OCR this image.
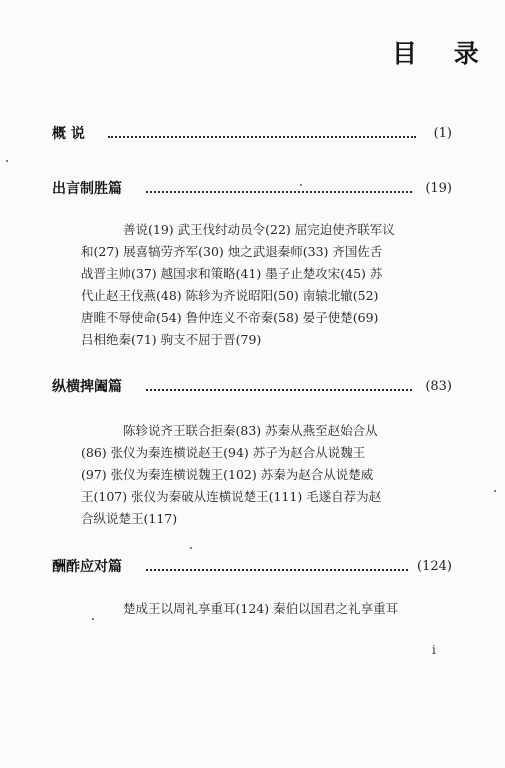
目 录
概 说	(1)
出言制胜篇	(19)
善说(19) 武王伐纣动员令(22) 屈完迫使齐联军议
和(27) 展喜犒劳齐军(30) 烛之武退秦师(33) 齐国佐舌
战晋主帅(37) 越国求和策略(41) 墨子止楚攻宋(45) 苏
代止赵王伐燕(48) 陈轸为齐说昭阳(50) 南辕北辙(52)
唐睢不辱使命(54) 鲁仲连义不帝秦(58) 晏子使楚(69)
吕相绝秦(71) 驹支不屈于晋(79)
纵横捭阖篇	(83)
陈轸说齐王联合拒秦(83) 苏秦从燕至赵始合从
(86) 张仪为秦连横说赵王(94) 苏子为赵合从说魏王
(97) 张仪为秦连横说魏王(102) 苏秦为赵合从说楚威
王(107) 张仪为秦破从连横说楚王(111) 毛遂自荐为赵
合纵说楚王(117)
酬酢应对篇	(124)
楚成王以周礼享重耳(124) 秦伯以国君之礼享重耳
i
